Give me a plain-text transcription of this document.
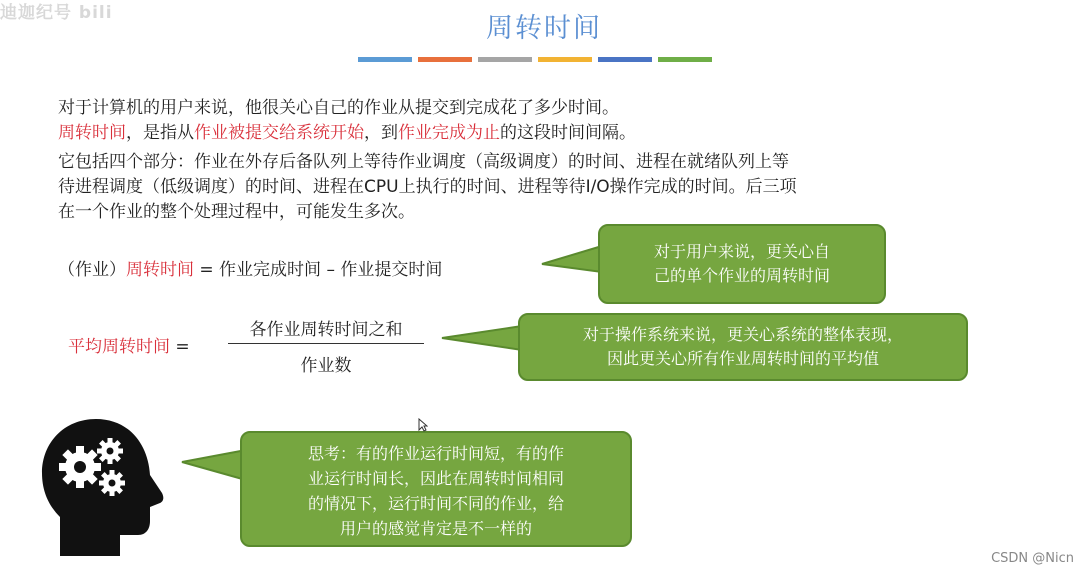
迪迦纪号 bili	周转时间
对于计算机的用户来说，他很关心自己的作业从提交到完成花了多少时间。
周转时间，是指从作业被提交给系统开始，到作业完成为止的这段时间间隔。
它包括四个部分：作业在外存后备队列上等待作业调度（高级调度）的时间、进程在就绪队列上等
待进程调度（低级调度）的时间、进程在CPU上执行的时间、进程等待I/O操作完成的时间。后三项
在一个作业的整个处理过程中，可能发生多次。
（作业）周转时间 = 作业完成时间 – 作业提交时间
平均周转时间 =
各作业周转时间之和
作业数
对于用户来说，更关心自
己的单个作业的周转时间
对于操作系统来说，更关心系统的整体表现，
因此更关心所有作业周转时间的平均值
思考：有的作业运行时间短，有的作
业运行时间长，因此在周转时间相同
的情况下，运行时间不同的作业，给
用户的感觉肯定是不一样的
CSDN @Nicn
